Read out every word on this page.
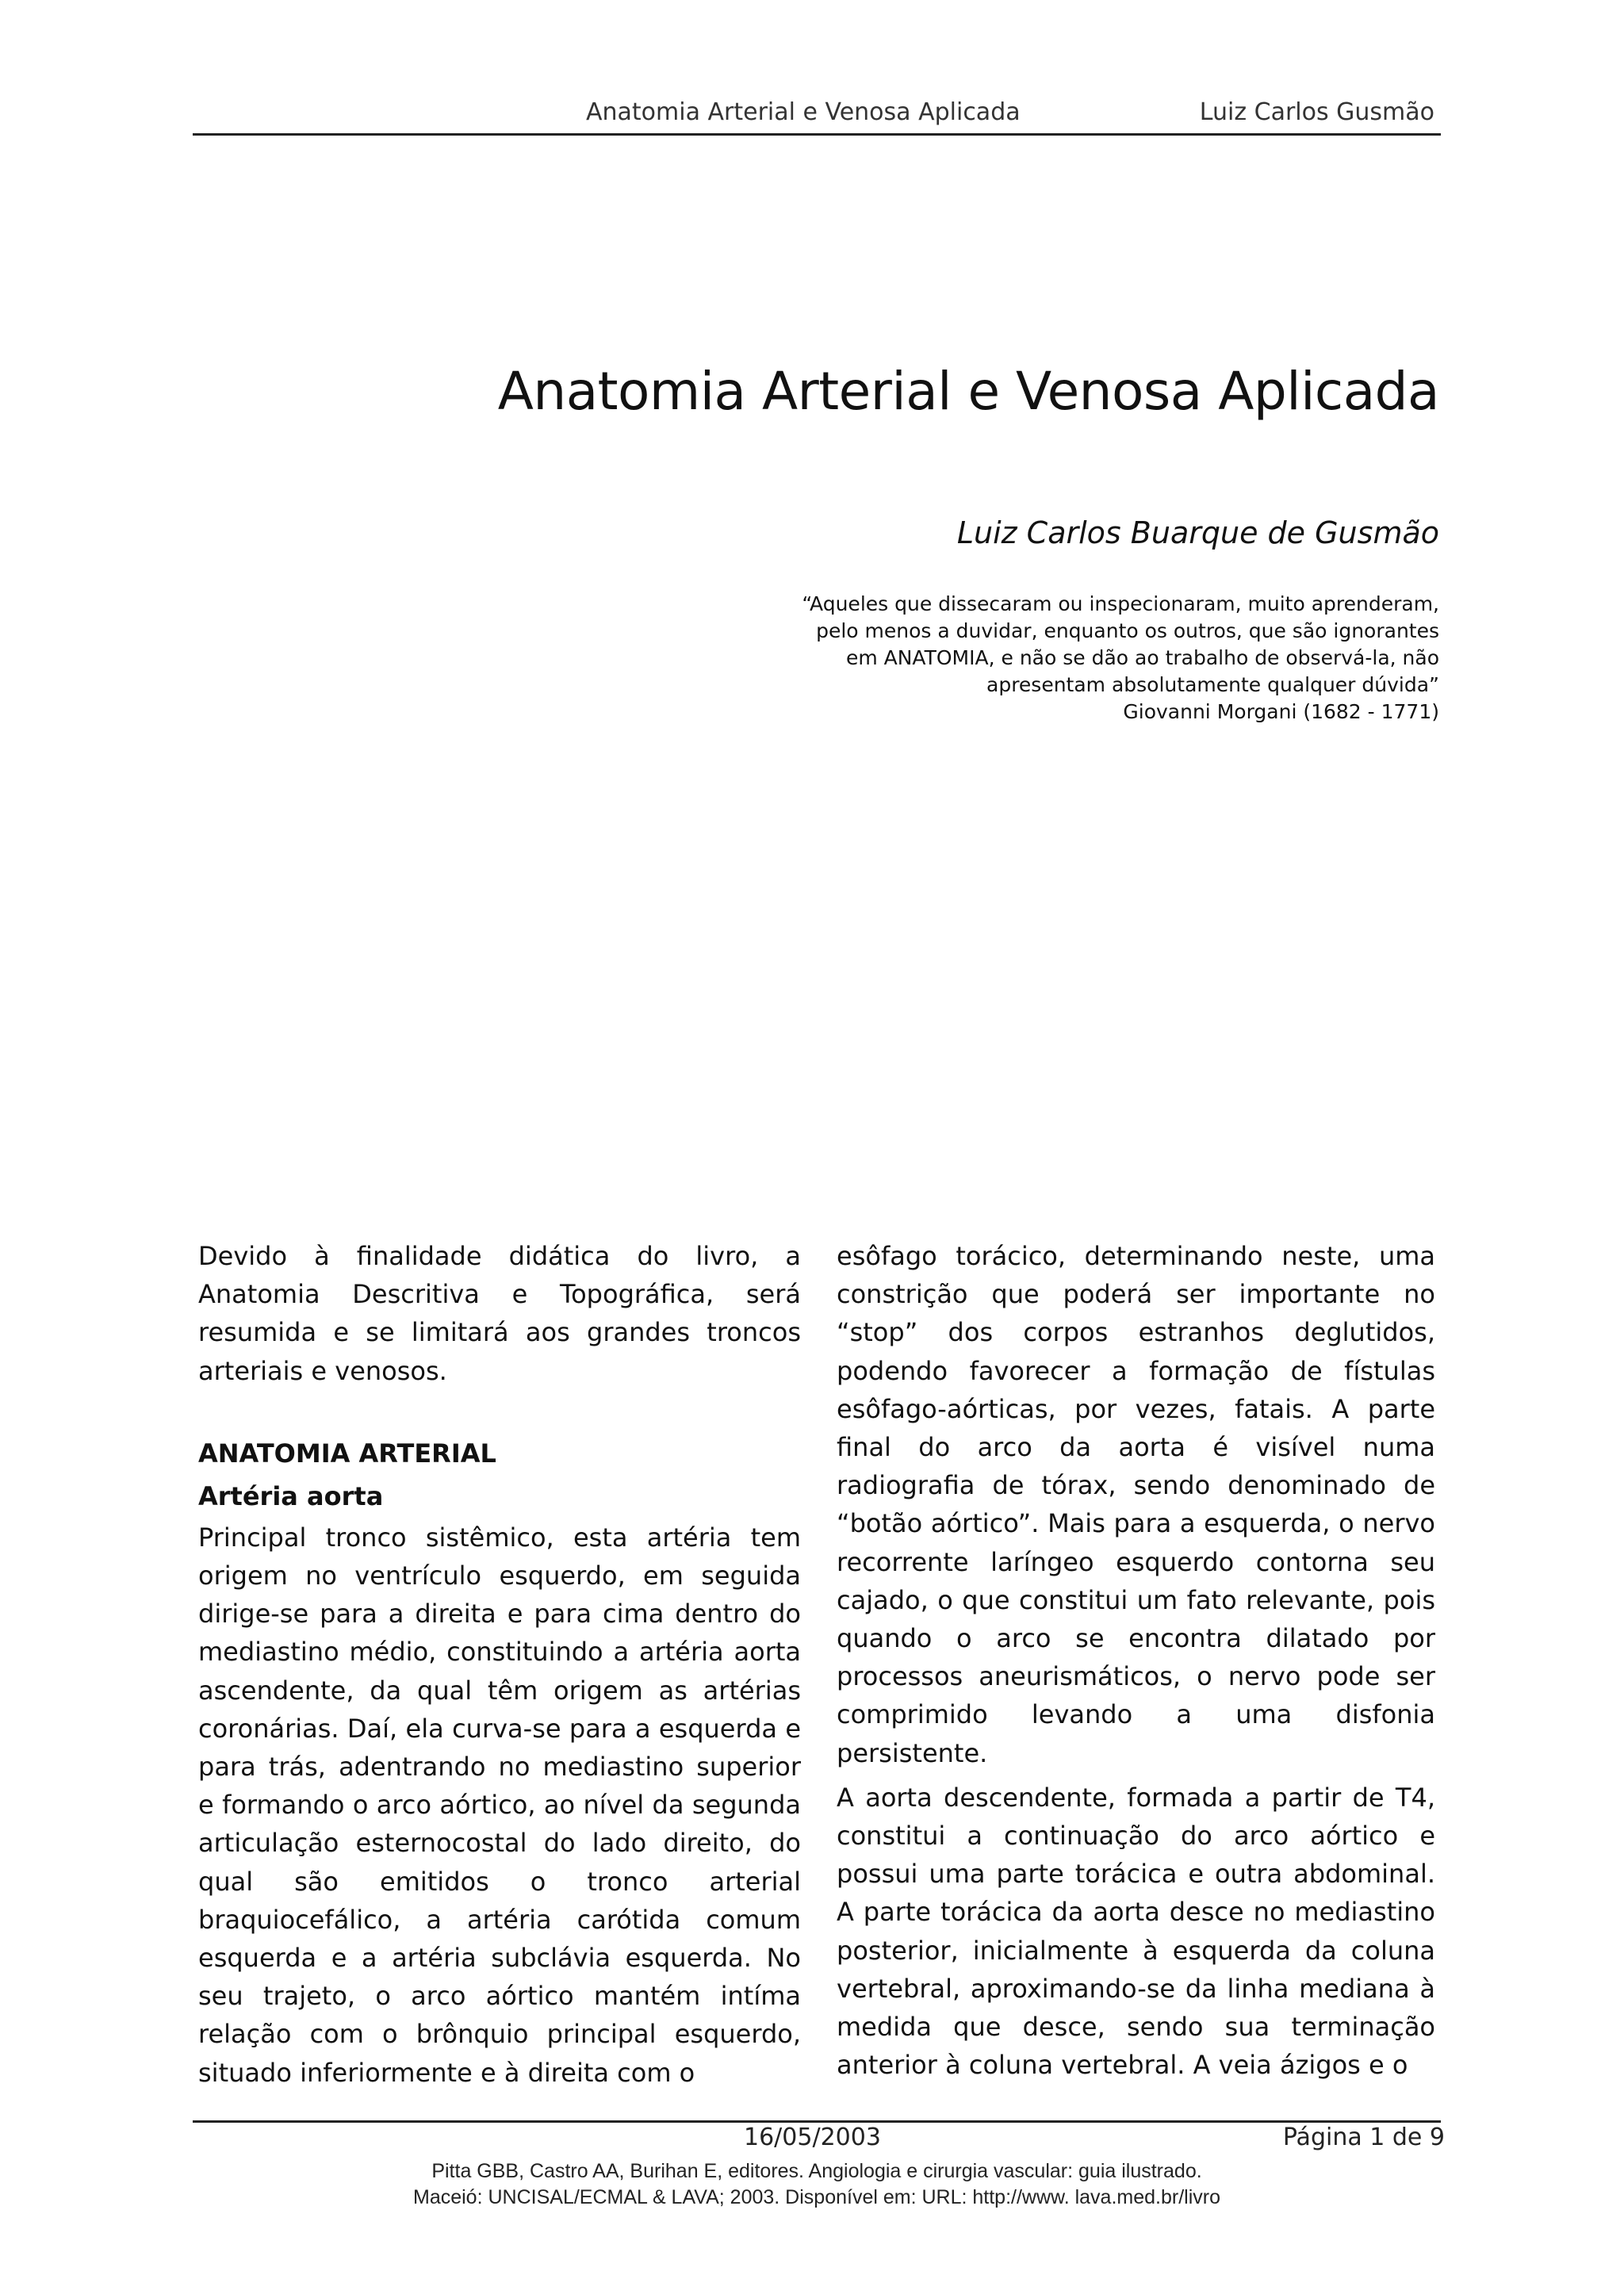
Anatomia Arterial e Venosa Aplicada	Luiz Carlos Gusmão
Anatomia Arterial e Venosa Aplicada

Luiz Carlos Buarque de Gusmão

“Aqueles que dissecaram ou inspecionaram, muito aprenderam,
pelo menos a duvidar, enquanto os outros, que são ignorantes
em ANATOMIA, e não se dão ao trabalho de observá-la, não
apresentam absolutamente qualquer dúvida”
Giovanni Morgani (1682 - 1771)

Devido à finalidade didática do livro, a Anatomia Descritiva e Topográfica, será resumida e se limitará aos grandes troncos arteriais e venosos.

ANATOMIA ARTERIAL
Artéria aorta

Principal tronco sistêmico, esta artéria tem origem no ventrículo esquerdo, em seguida dirige-se para a direita e para cima dentro do mediastino médio, constituindo a artéria aorta ascendente, da qual têm origem as artérias coronárias. Daí, ela curva-se para a esquerda e para trás, adentrando no mediastino superior e formando o arco aórtico, ao nível da segunda articulação esternocostal do lado direito, do qual são emitidos o tronco arterial braquiocefálico, a artéria carótida comum esquerda e a artéria subclávia esquerda. No seu trajeto, o arco aórtico mantém intíma relação com o brônquio principal esquerdo, situado inferiormente e à direita com o

esôfago torácico, determinando neste, uma constrição que poderá ser importante no “stop” dos corpos estranhos deglutidos, podendo favorecer a formação de fístulas esôfago-aórticas, por vezes, fatais. A parte final do arco da aorta é visível numa radiografia de tórax, sendo denominado de “botão aórtico”. Mais para a esquerda, o nervo recorrente laríngeo esquerdo contorna seu cajado, o que constitui um fato relevante, pois quando o arco se encontra dilatado por processos aneurismáticos, o nervo pode ser comprimido levando a uma disfonia persistente.

A aorta descendente, formada a partir de T4, constitui a continuação do arco aórtico e possui uma parte torácica e outra abdominal. A parte torácica da aorta desce no mediastino posterior, inicialmente à esquerda da coluna vertebral, aproximando-se da linha mediana à medida que desce, sendo sua terminação anterior à coluna vertebral. A veia ázigos e o

16/05/2003	Página 1 de 9
Pitta GBB, Castro AA, Burihan E, editores. Angiologia e cirurgia vascular: guia ilustrado.
Maceió: UNCISAL/ECMAL & LAVA; 2003. Disponível em: URL: http://www. lava.med.br/livro
